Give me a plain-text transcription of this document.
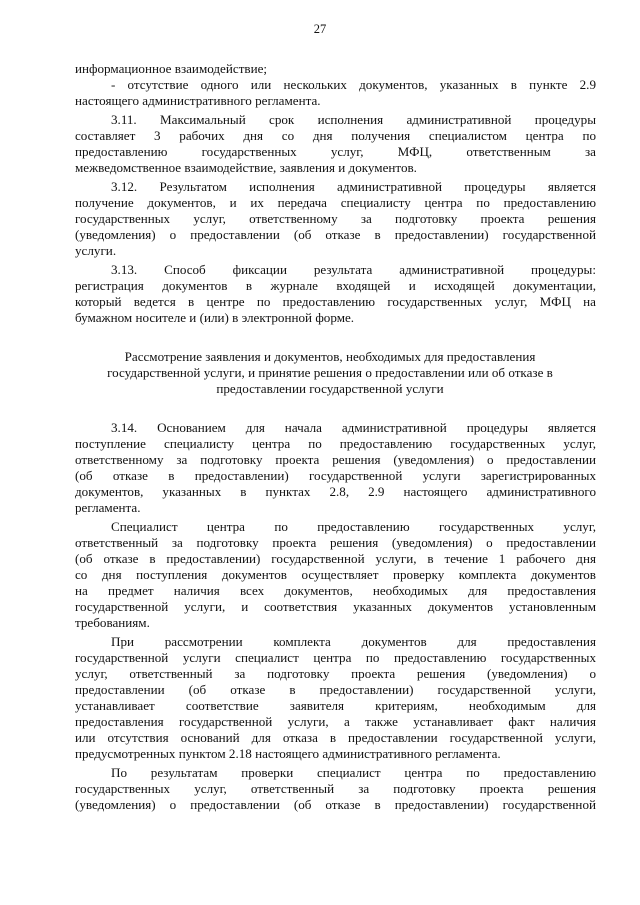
27
информационное взаимодействие;
- отсутствие одного или нескольких документов, указанных в пункте 2.9
настоящего административного регламента.
3.11. Максимальный срок исполнения административной процедуры
составляет 3 рабочих дня со дня получения специалистом центра по
предоставлению государственных услуг, МФЦ, ответственным за
межведомственное взаимодействие, заявления и документов.
3.12. Результатом исполнения административной процедуры является
получение документов, и их передача специалисту центра по предоставлению
государственных услуг, ответственному за подготовку проекта решения
(уведомления) о предоставлении (об отказе в предоставлении) государственной
услуги.
3.13. Способ фиксации результата административной процедуры:
регистрация документов в журнале входящей и исходящей документации,
который ведется в центре по предоставлению государственных услуг, МФЦ на
бумажном носителе и (или) в электронной форме.
Рассмотрение заявления и документов, необходимых для предоставления
государственной услуги, и принятие решения о предоставлении или об отказе в
предоставлении государственной услуги
3.14. Основанием для начала административной процедуры является
поступление специалисту центра по предоставлению государственных услуг,
ответственному за подготовку проекта решения (уведомления) о предоставлении
(об отказе в предоставлении) государственной услуги зарегистрированных
документов, указанных в пунктах 2.8, 2.9 настоящего административного
регламента.
Специалист центра по предоставлению государственных услуг,
ответственный за подготовку проекта решения (уведомления) о предоставлении
(об отказе в предоставлении) государственной услуги, в течение 1 рабочего дня
со дня поступления документов осуществляет проверку комплекта документов
на предмет наличия всех документов, необходимых для предоставления
государственной услуги, и соответствия указанных документов установленным
требованиям.
При рассмотрении комплекта документов для предоставления
государственной услуги специалист центра по предоставлению государственных
услуг, ответственный за подготовку проекта решения (уведомления) о
предоставлении (об отказе в предоставлении) государственной услуги,
устанавливает соответствие заявителя критериям, необходимым для
предоставления государственной услуги, а также устанавливает факт наличия
или отсутствия оснований для отказа в предоставлении государственной услуги,
предусмотренных пунктом 2.18 настоящего административного регламента.
По результатам проверки специалист центра по предоставлению
государственных услуг, ответственный за подготовку проекта решения
(уведомления) о предоставлении (об отказе в предоставлении) государственной
